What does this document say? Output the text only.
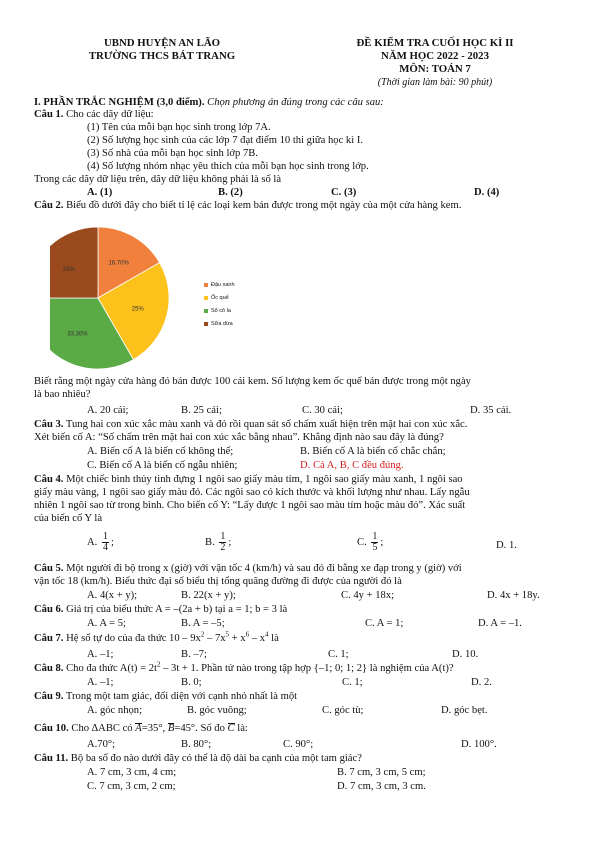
UBND HUYỆN AN LÃO
TRƯỜNG THCS BÁT TRANG
ĐỀ KIỂM TRA CUỐI HỌC KÌ II
NĂM HỌC 2022 - 2023
MÔN: TOÁN 7
(Thời gian làm bài: 90 phút)
I. PHẦN TRẮC NGHIỆM (3,0 điểm). Chọn phương án đúng trong các câu sau:
Câu 1. Cho các dãy dữ liệu:
(1) Tên của mỗi bạn học sinh trong lớp 7A.
(2) Số lượng học sinh của các lớp 7 đạt điểm 10 thi giữa học kì I.
(3) Số nhà của mỗi bạn học sinh lớp 7B.
(4) Số lượng nhóm nhạc yêu thích của mỗi bạn học sinh trong lớp.
Trong các dãy dữ liệu trên, dãy dữ liệu không phải là số là
A. (1)	B. (2)	C. (3)	D. (4)
Câu 2. Biểu đồ dưới đây cho biết tỉ lệ các loại kem bán được trong một ngày của một cửa hàng kem.
16.70%
25%
33.30%
25%
Đậu xanh
Ốc quế
Sô cô la
Sữa dừa
Biết rằng một ngày cửa hàng đó bán được 100 cái kem. Số lượng kem ốc quế bán được trong một ngày
là bao nhiêu?
A. 20 cái;	B. 25 cái;	C. 30 cái;	D. 35 cái.
Câu 3. Tung hai con xúc xắc màu xanh và đỏ rồi quan sát số chấm xuất hiện trên mặt hai con xúc xắc.
Xét biến cố A: “Số chấm trên mặt hai con xúc xắc bằng nhau”. Khẳng định nào sau đây là đúng?
A. Biến cố A là biến cố không thể;	B. Biến cố A là biến cố chắc chắn;
C. Biến cố A là biến cố ngẫu nhiên;	D. Cả A, B, C đều đúng.
Câu 4. Một chiếc bình thủy tinh đựng 1 ngôi sao giấy màu tím, 1 ngôi sao giấy màu xanh, 1 ngôi sao
giấy màu vàng, 1 ngôi sao giấy màu đỏ. Các ngôi sao có kích thước và khối lượng như nhau. Lấy ngẫu
nhiên 1 ngôi sao từ trong bình. Cho biến cố Y: “Lấy được 1 ngôi sao màu tím hoặc màu đỏ”. Xác suất
của biến cố Y là
A. $\frac{1}{4}$ ;	B. $\frac{1}{2}$ ;	C. $\frac{1}{5}$ ;	D. 1.
Câu 5. Một người đi bộ trong x (giờ) với vận tốc 4 (km/h) và sau đó đi bằng xe đạp trong y (giờ) với
vận tốc 18 (km/h). Biểu thức đại số biểu thị tổng quãng đường đi được của người đó là
A. 4(x + y);	B. 22(x + y);	C. 4y + 18x;	D. 4x + 18y.
Câu 6. Giá trị của biểu thức A = –(2a + b) tại a = 1; b = 3 là
A. A = 5;	B. A = –5;	C. A = 1;	D. A = –1.
Câu 7. Hệ số tự do của đa thức $10 - 9x^2 - 7x^5 + x^6 - x^4$ là
A. –1;	B. –7;	C. 1;	D. 10.
Câu 8. Cho đa thức $A(t) = 2t^2 - 3t + 1$. Phần tử nào trong tập hợp {–1; 0; 1; 2} là nghiệm của A(t)?
A. –1;	B. 0;	C. 1;	D. 2.
Câu 9. Trong một tam giác, đối diện với cạnh nhỏ nhất là một
A. góc nhọn;	B. góc vuông;	C. góc tù;	D. góc bẹt.
Câu 10. Cho ∆ABC có A=35°, B=45°. Số đo C là:
A.70°;	B. 80°;	C. 90°;	D. 100°.
Câu 11. Bộ ba số đo nào dưới đây có thể là độ dài ba cạnh của một tam giác?
A. 7 cm, 3 cm, 4 cm;	B. 7 cm, 3 cm, 5 cm;
C. 7 cm, 3 cm, 2 cm;	D. 7 cm, 3 cm, 3 cm.
